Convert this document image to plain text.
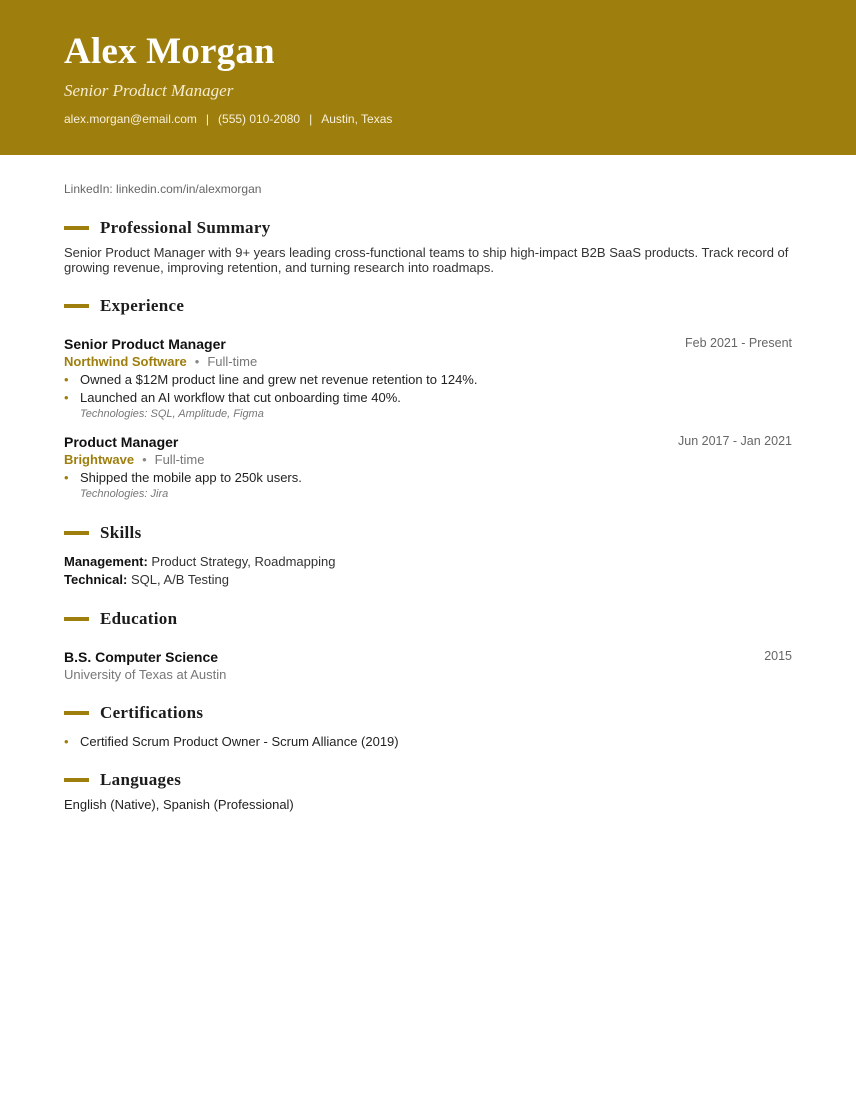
Alex Morgan
Senior Product Manager
alex.morgan@email.com | (555) 010-2080 | Austin, Texas
LinkedIn: linkedin.com/in/alexmorgan
Professional Summary
Senior Product Manager with 9+ years leading cross-functional teams to ship high-impact B2B SaaS products. Track record of growing revenue, improving retention, and turning research into roadmaps.
Experience
Senior Product Manager	Feb 2021 - Present
Northwind Software • Full-time
• Owned a $12M product line and grew net revenue retention to 124%.
• Launched an AI workflow that cut onboarding time 40%.
Technologies: SQL, Amplitude, Figma
Product Manager	Jun 2017 - Jan 2021
Brightwave • Full-time
• Shipped the mobile app to 250k users.
Technologies: Jira
Skills
Management: Product Strategy, Roadmapping
Technical: SQL, A/B Testing
Education
B.S. Computer Science	2015
University of Texas at Austin
Certifications
• Certified Scrum Product Owner - Scrum Alliance (2019)
Languages
English (Native), Spanish (Professional)
